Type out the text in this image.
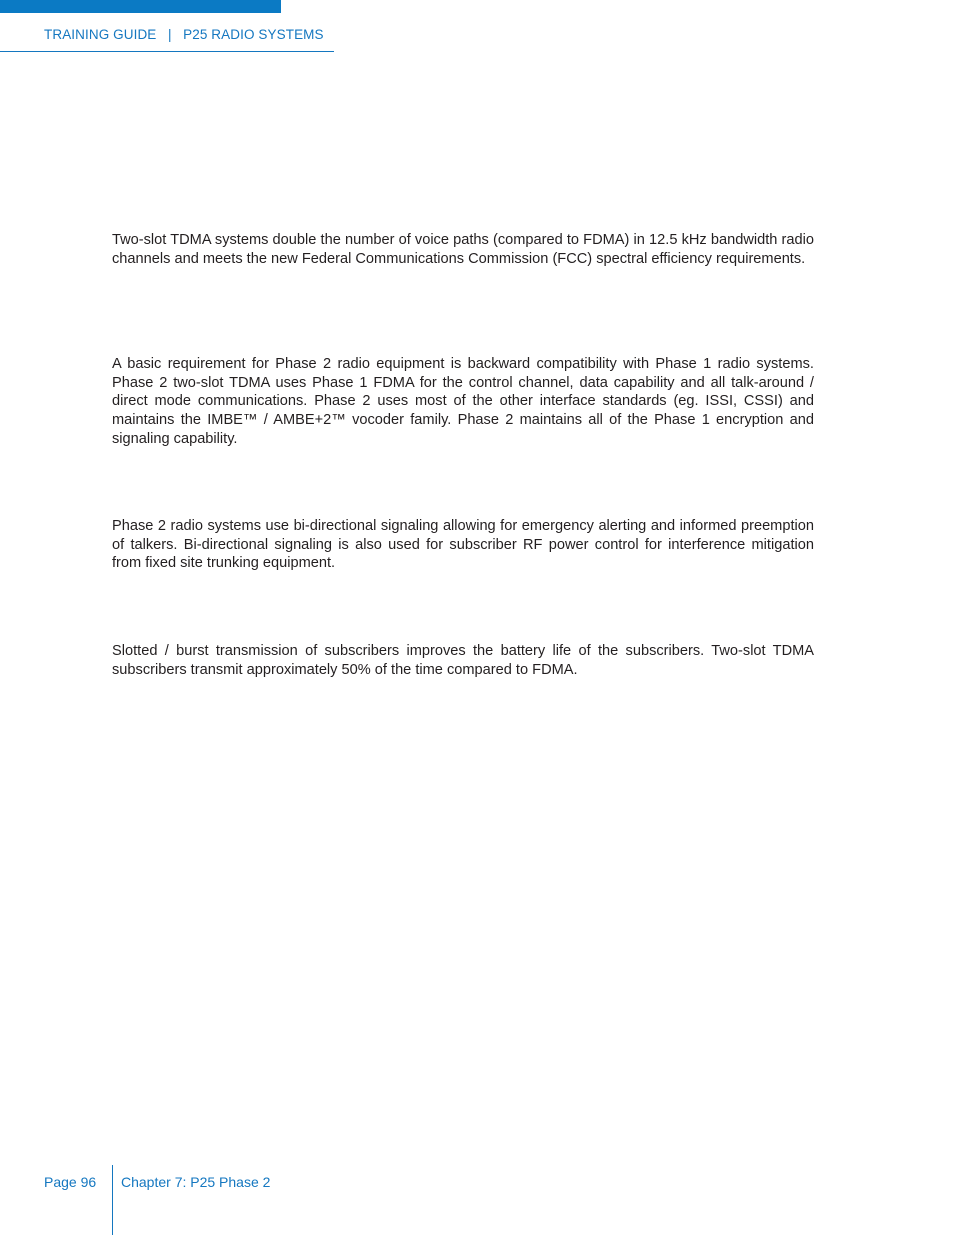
TRAINING GUIDE | P25 RADIO SYSTEMS

Two-slot TDMA systems double the number of voice paths (compared to FDMA) in 12.5 kHz bandwidth radio channels and meets the new Federal Communications Commission (FCC) spectral efficiency requirements.

A basic requirement for Phase 2 radio equipment is backward compatibility with Phase 1 radio systems. Phase 2 two-slot TDMA uses Phase 1 FDMA for the control channel, data capability and all talk-around / direct mode communications. Phase 2 uses most of the other interface standards (eg. ISSI, CSSI) and maintains the IMBE™ / AMBE+2™ vocoder family. Phase 2 maintains all of the Phase 1 encryption and signaling capability.

Phase 2 radio systems use bi-directional signaling allowing for emergency alerting and informed preemption of talkers. Bi-directional signaling is also used for subscriber RF power control for interference mitigation from fixed site trunking equipment.

Slotted / burst transmission of subscribers improves the battery life of the subscribers. Two-slot TDMA subscribers transmit approximately 50% of the time compared to FDMA.

Page 96 Chapter 7: P25 Phase 2
